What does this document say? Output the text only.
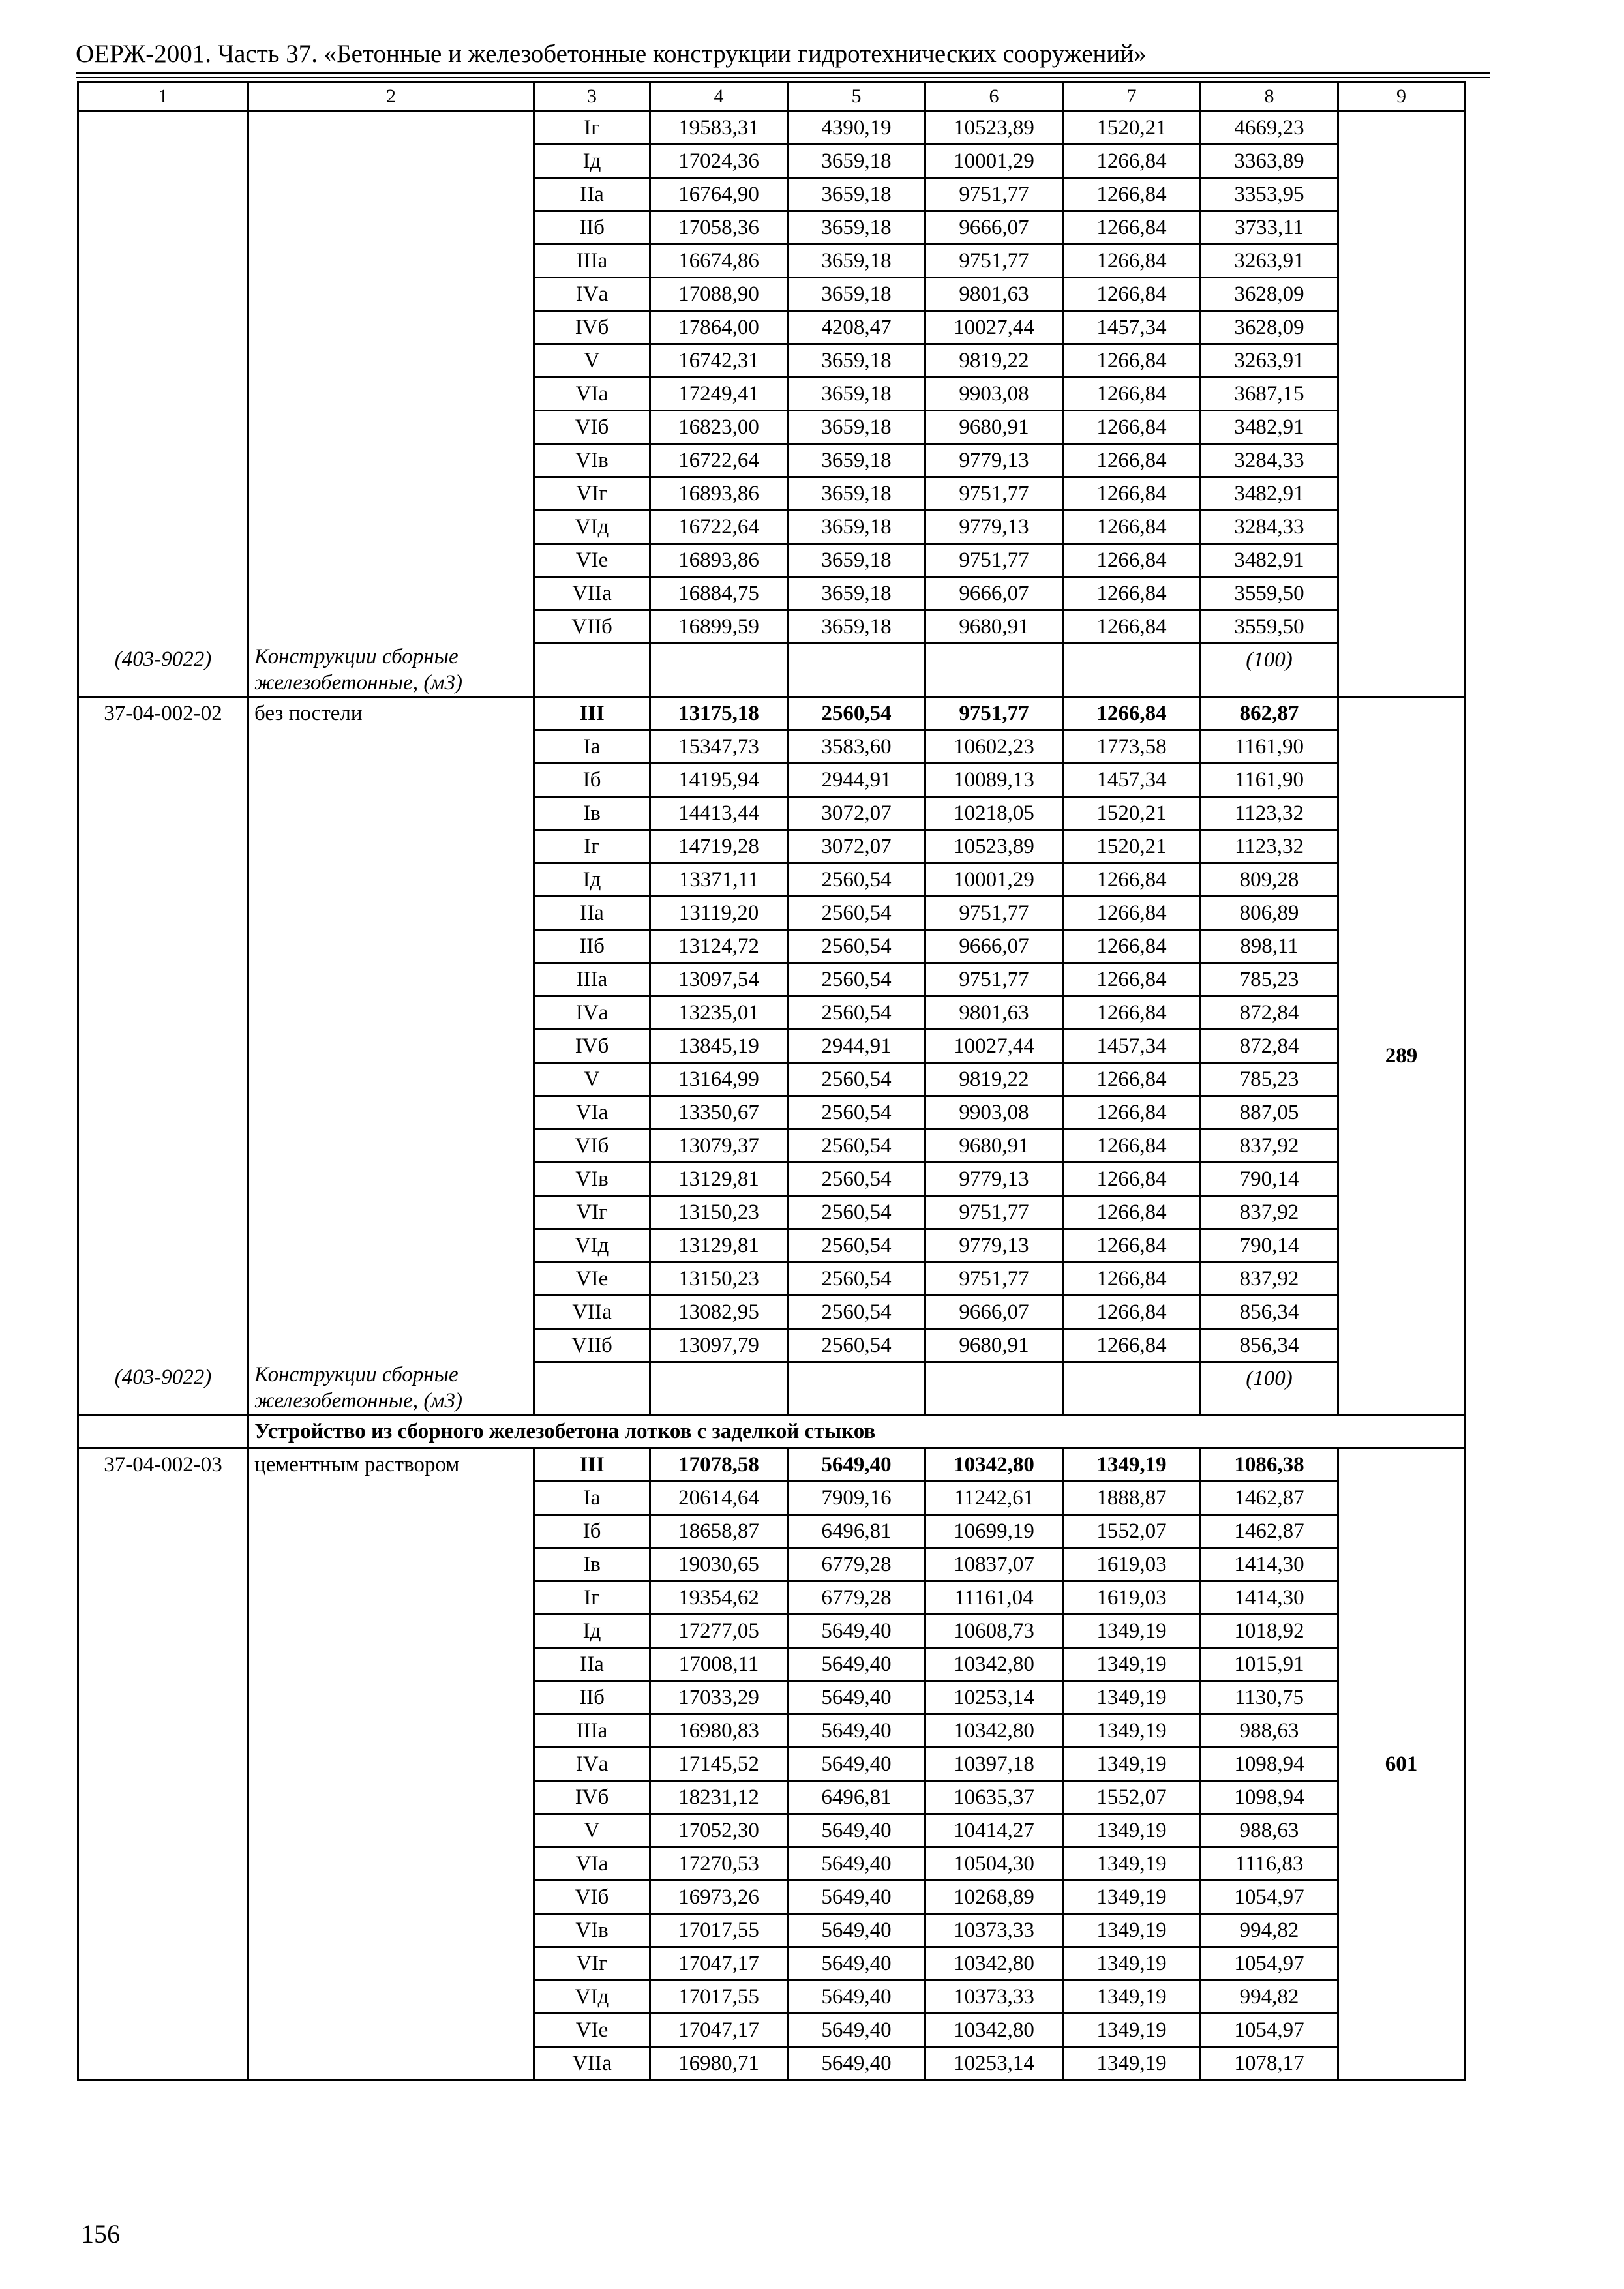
ОЕРЖ-2001. Часть 37. «Бетонные и железобетонные конструкции гидротехнических сооружений»
1	2	3	4	5	6	7	8	9
		Iг	19583,31	4390,19	10523,89	1520,21	4669,23	
		Iд	17024,36	3659,18	10001,29	1266,84	3363,89	
		IIа	16764,90	3659,18	9751,77	1266,84	3353,95	
		IIб	17058,36	3659,18	9666,07	1266,84	3733,11	
		IIIа	16674,86	3659,18	9751,77	1266,84	3263,91	
		IVа	17088,90	3659,18	9801,63	1266,84	3628,09	
		IVб	17864,00	4208,47	10027,44	1457,34	3628,09	
		V	16742,31	3659,18	9819,22	1266,84	3263,91	
		VIа	17249,41	3659,18	9903,08	1266,84	3687,15	
		VIб	16823,00	3659,18	9680,91	1266,84	3482,91	
		VIв	16722,64	3659,18	9779,13	1266,84	3284,33	
		VIг	16893,86	3659,18	9751,77	1266,84	3482,91	
		VIд	16722,64	3659,18	9779,13	1266,84	3284,33	
		VIе	16893,86	3659,18	9751,77	1266,84	3482,91	
		VIIа	16884,75	3659,18	9666,07	1266,84	3559,50	
		VIIб	16899,59	3659,18	9680,91	1266,84	3559,50	
(403-9022)	Конструкции сборные железобетонные, (м3)						(100)	
37-04-002-02	без постели	III	13175,18	2560,54	9751,77	1266,84	862,87	289
		Iа	15347,73	3583,60	10602,23	1773,58	1161,90	
		Iб	14195,94	2944,91	10089,13	1457,34	1161,90	
		Iв	14413,44	3072,07	10218,05	1520,21	1123,32	
		Iг	14719,28	3072,07	10523,89	1520,21	1123,32	
		Iд	13371,11	2560,54	10001,29	1266,84	809,28	
		IIа	13119,20	2560,54	9751,77	1266,84	806,89	
		IIб	13124,72	2560,54	9666,07	1266,84	898,11	
		IIIа	13097,54	2560,54	9751,77	1266,84	785,23	
		IVа	13235,01	2560,54	9801,63	1266,84	872,84	
		IVб	13845,19	2944,91	10027,44	1457,34	872,84	
		V	13164,99	2560,54	9819,22	1266,84	785,23	
		VIа	13350,67	2560,54	9903,08	1266,84	887,05	
		VIб	13079,37	2560,54	9680,91	1266,84	837,92	
		VIв	13129,81	2560,54	9779,13	1266,84	790,14	
		VIг	13150,23	2560,54	9751,77	1266,84	837,92	
		VIд	13129,81	2560,54	9779,13	1266,84	790,14	
		VIе	13150,23	2560,54	9751,77	1266,84	837,92	
		VIIа	13082,95	2560,54	9666,07	1266,84	856,34	
		VIIб	13097,79	2560,54	9680,91	1266,84	856,34	
(403-9022)	Конструкции сборные железобетонные, (м3)						(100)	
	Устройство из сборного железобетона лотков с заделкой стыков							
37-04-002-03	цементным раствором	III	17078,58	5649,40	10342,80	1349,19	1086,38	601
		Iа	20614,64	7909,16	11242,61	1888,87	1462,87	
		Iб	18658,87	6496,81	10699,19	1552,07	1462,87	
		Iв	19030,65	6779,28	10837,07	1619,03	1414,30	
		Iг	19354,62	6779,28	11161,04	1619,03	1414,30	
		Iд	17277,05	5649,40	10608,73	1349,19	1018,92	
		IIа	17008,11	5649,40	10342,80	1349,19	1015,91	
		IIб	17033,29	5649,40	10253,14	1349,19	1130,75	
		IIIа	16980,83	5649,40	10342,80	1349,19	988,63	
		IVа	17145,52	5649,40	10397,18	1349,19	1098,94	
		IVб	18231,12	6496,81	10635,37	1552,07	1098,94	
		V	17052,30	5649,40	10414,27	1349,19	988,63	
		VIа	17270,53	5649,40	10504,30	1349,19	1116,83	
		VIб	16973,26	5649,40	10268,89	1349,19	1054,97	
		VIв	17017,55	5649,40	10373,33	1349,19	994,82	
		VIг	17047,17	5649,40	10342,80	1349,19	1054,97	
		VIд	17017,55	5649,40	10373,33	1349,19	994,82	
		VIе	17047,17	5649,40	10342,80	1349,19	1054,97	
		VIIа	16980,71	5649,40	10253,14	1349,19	1078,17	
156
